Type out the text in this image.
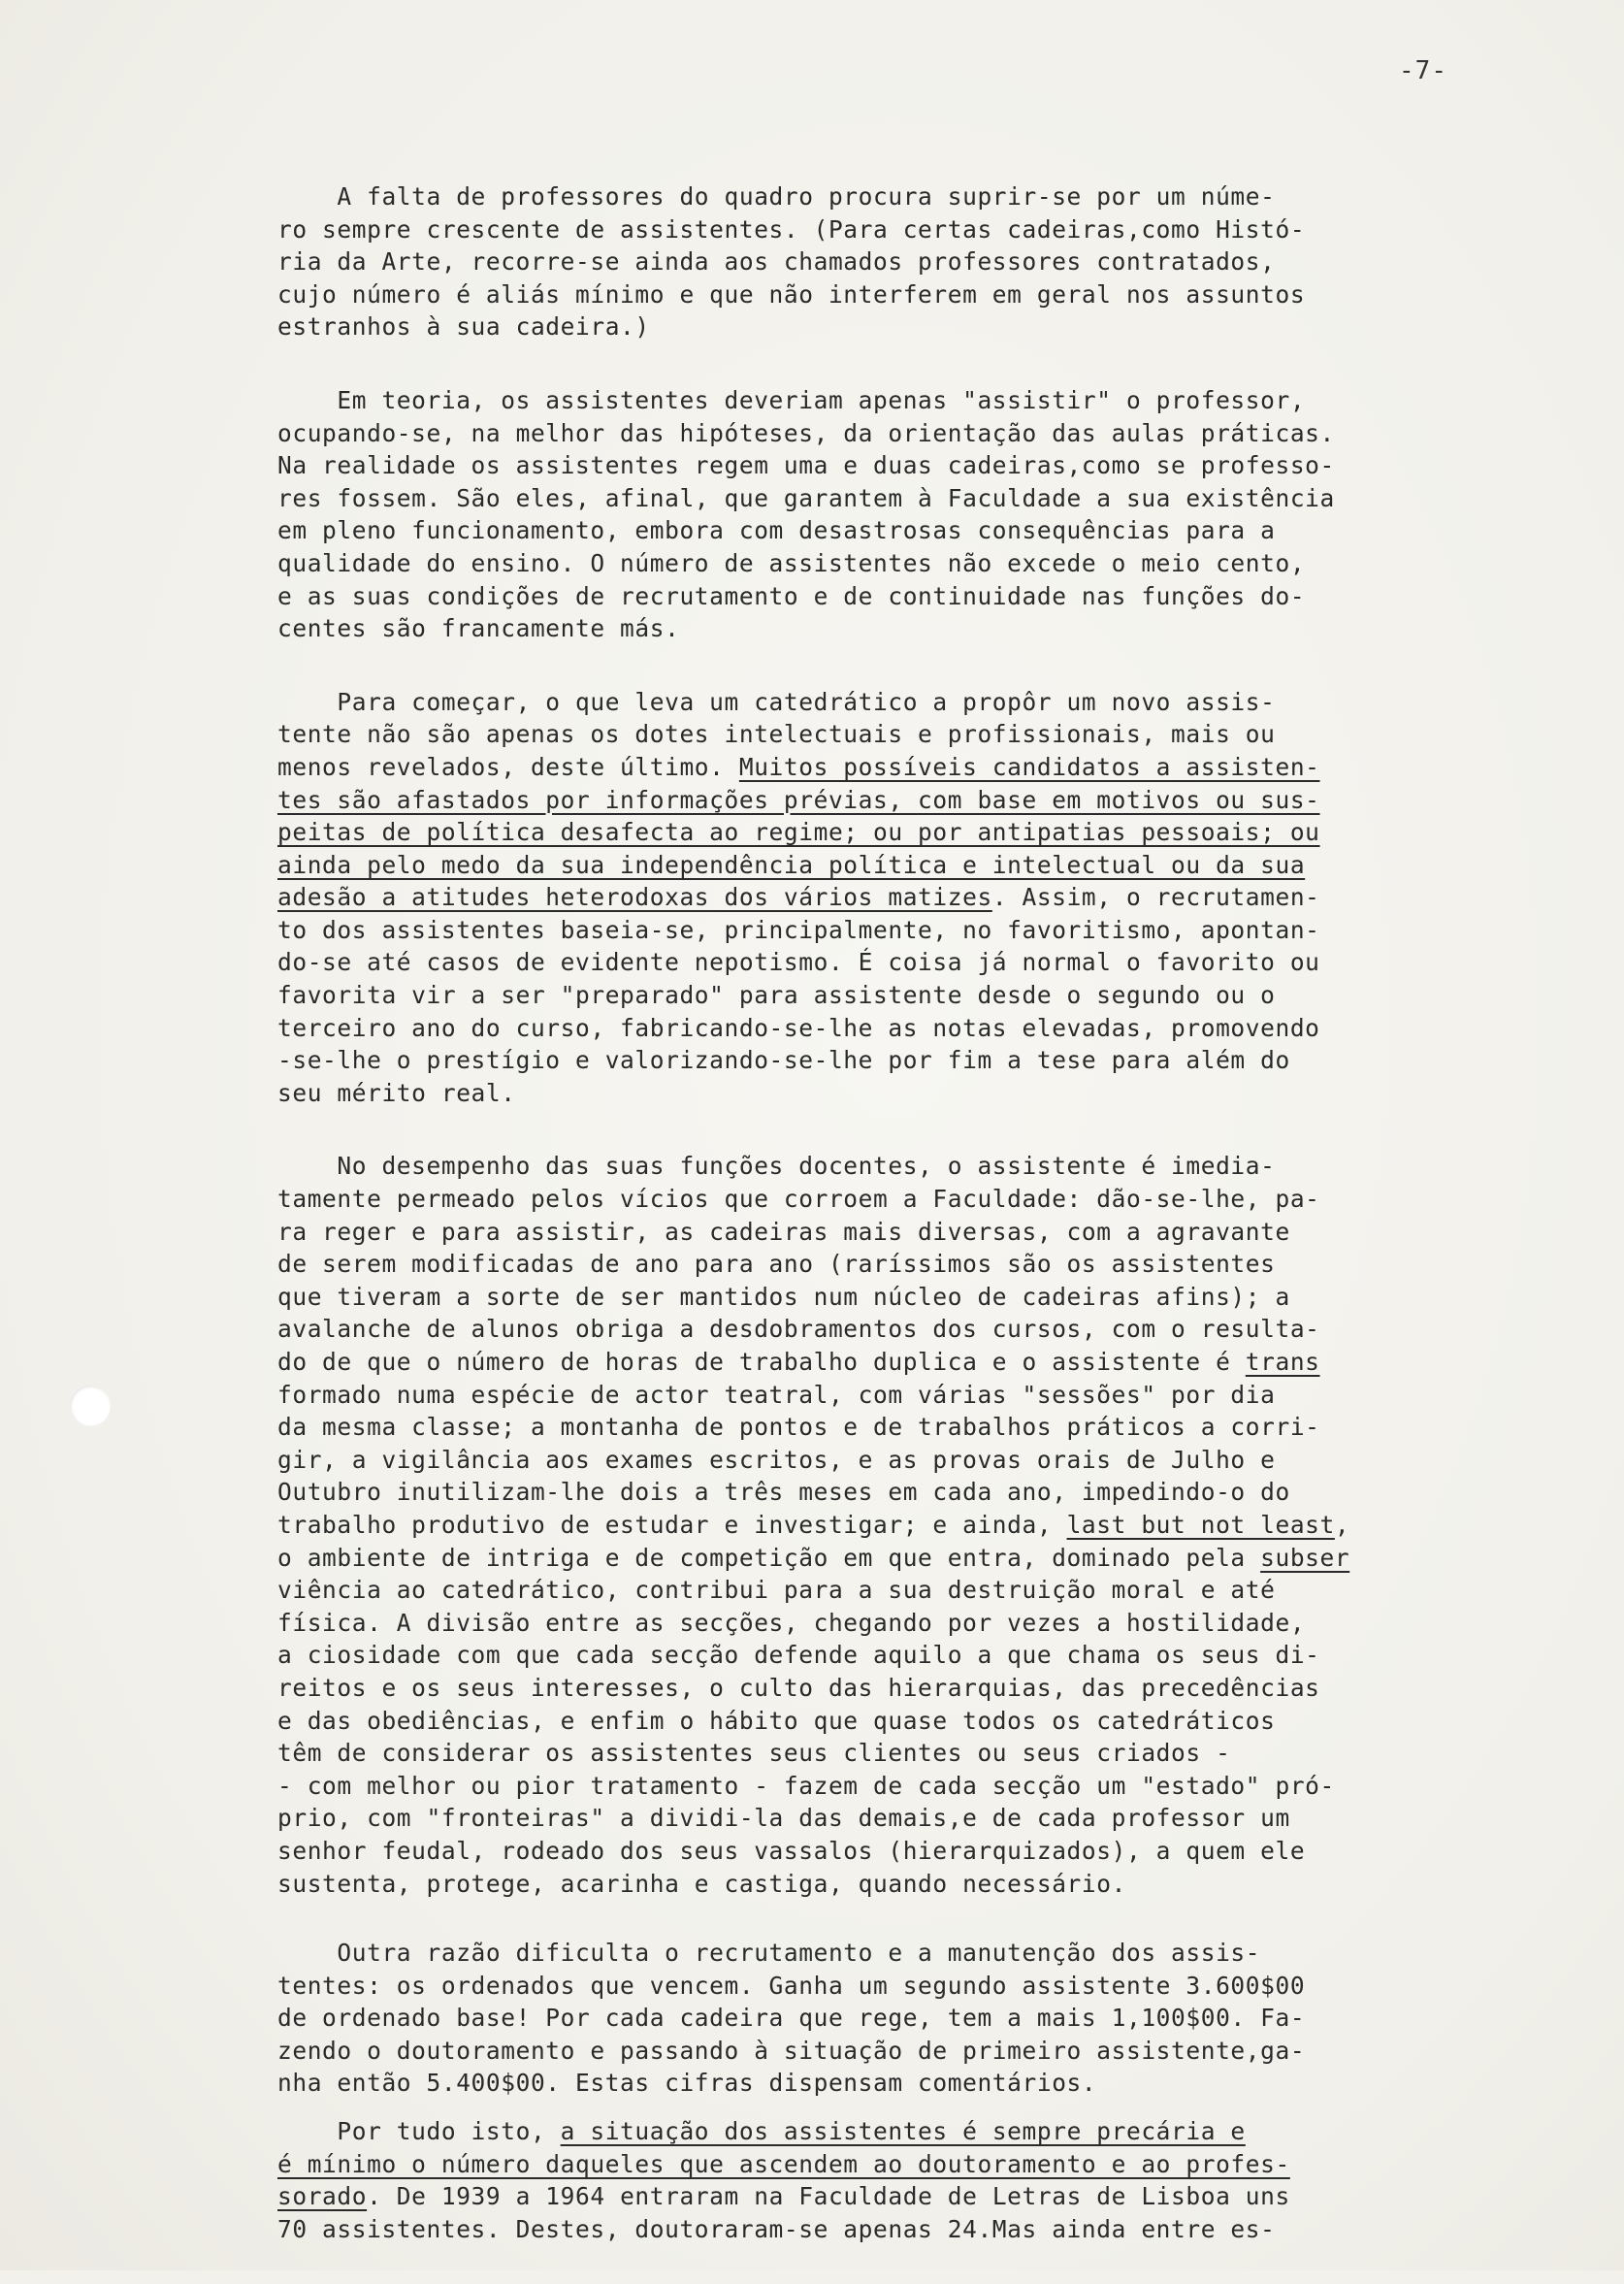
-7-
A falta de professores do quadro procura suprir-se por um núme-
ro sempre crescente de assistentes. (Para certas cadeiras,como Histó-
ria da Arte, recorre-se ainda aos chamados professores contratados,
cujo número é aliás mínimo e que não interferem em geral nos assuntos
estranhos à sua cadeira.)
Em teoria, os assistentes deveriam apenas "assistir" o professor,
ocupando-se, na melhor das hipóteses, da orientação das aulas práticas.
Na realidade os assistentes regem uma e duas cadeiras,como se professo-
res fossem. São eles, afinal, que garantem à Faculdade a sua existência
em pleno funcionamento, embora com desastrosas consequências para a
qualidade do ensino. O número de assistentes não excede o meio cento,
e as suas condições de recrutamento e de continuidade nas funções do-
centes são francamente más.
Para começar, o que leva um catedrático a propôr um novo assis-
tente não são apenas os dotes intelectuais e profissionais, mais ou
menos revelados, deste último. Muitos possíveis candidatos a assisten-
tes são afastados por informações prévias, com base em motivos ou sus-
peitas de política desafecta ao regime; ou por antipatias pessoais; ou
ainda pelo medo da sua independência política e intelectual ou da sua
adesão a atitudes heterodoxas dos vários matizes. Assim, o recrutamen-
to dos assistentes baseia-se, principalmente, no favoritismo, apontan-
do-se até casos de evidente nepotismo. É coisa já normal o favorito ou
favorita vir a ser "preparado" para assistente desde o segundo ou o
terceiro ano do curso, fabricando-se-lhe as notas elevadas, promovendo
-se-lhe o prestígio e valorizando-se-lhe por fim a tese para além do
seu mérito real.
No desempenho das suas funções docentes, o assistente é imedia-
tamente permeado pelos vícios que corroem a Faculdade: dão-se-lhe, pa-
ra reger e para assistir, as cadeiras mais diversas, com a agravante
de serem modificadas de ano para ano (raríssimos são os assistentes
que tiveram a sorte de ser mantidos num núcleo de cadeiras afins); a
avalanche de alunos obriga a desdobramentos dos cursos, com o resulta-
do de que o número de horas de trabalho duplica e o assistente é trans
formado numa espécie de actor teatral, com várias "sessões" por dia
da mesma classe; a montanha de pontos e de trabalhos práticos a corri-
gir, a vigilância aos exames escritos, e as provas orais de Julho e
Outubro inutilizam-lhe dois a três meses em cada ano, impedindo-o do
trabalho produtivo de estudar e investigar; e ainda, last but not least,
o ambiente de intriga e de competição em que entra, dominado pela subser
viência ao catedrático, contribui para a sua destruição moral e até
física. A divisão entre as secções, chegando por vezes a hostilidade,
a ciosidade com que cada secção defende aquilo a que chama os seus di-
reitos e os seus interesses, o culto das hierarquias, das precedências
e das obediências, e enfim o hábito que quase todos os catedráticos
têm de considerar os assistentes seus clientes ou seus criados -
- com melhor ou pior tratamento - fazem de cada secção um "estado" pró-
prio, com "fronteiras" a dividi-la das demais,e de cada professor um
senhor feudal, rodeado dos seus vassalos (hierarquizados), a quem ele
sustenta, protege, acarinha e castiga, quando necessário.
Outra razão dificulta o recrutamento e a manutenção dos assis-
tentes: os ordenados que vencem. Ganha um segundo assistente 3.600$00
de ordenado base! Por cada cadeira que rege, tem a mais 1,100$00. Fa-
zendo o doutoramento e passando à situação de primeiro assistente,ga-
nha então 5.400$00. Estas cifras dispensam comentários.
Por tudo isto, a situação dos assistentes é sempre precária e
é mínimo o número daqueles que ascendem ao doutoramento e ao profes-
sorado. De 1939 a 1964 entraram na Faculdade de Letras de Lisboa uns
70 assistentes. Destes, doutoraram-se apenas 24.Mas ainda entre es-
